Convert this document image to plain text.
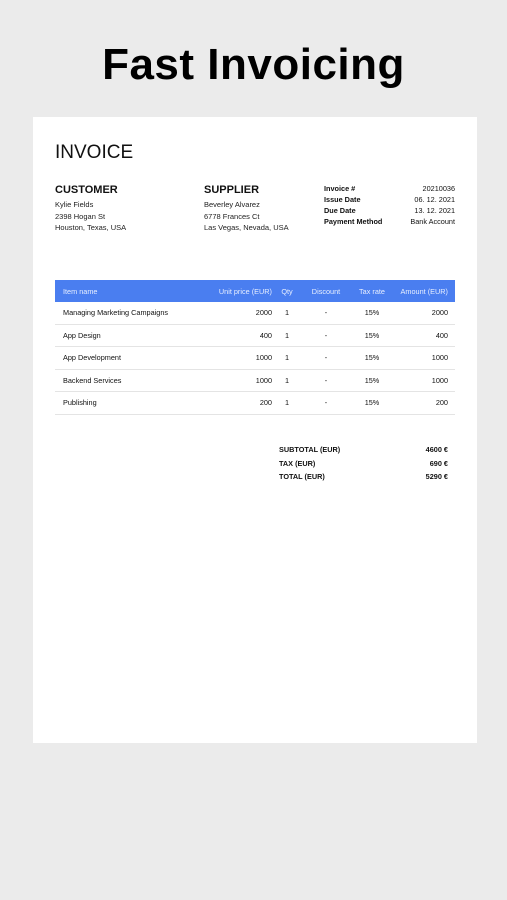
Fast Invoicing
INVOICE
CUSTOMER
Kylie Fields
2398 Hogan St
Houston, Texas, USA
SUPPLIER
Beverley Alvarez
6778 Frances Ct
Las Vegas, Nevada, USA
Invoice #	20210036
Issue Date	06. 12. 2021
Due Date	13. 12. 2021
Payment Method	Bank Account
Item name	Unit price (EUR)	Qty	Discount	Tax rate	Amount (EUR)
Managing Marketing Campaigns	2000	1	-	15%	2000
App Design	400	1	-	15%	400
App Development	1000	1	-	15%	1000
Backend Services	1000	1	-	15%	1000
Publishing	200	1	-	15%	200
SUBTOTAL (EUR)	4600 €
TAX (EUR)	690 €
TOTAL (EUR)	5290 €
